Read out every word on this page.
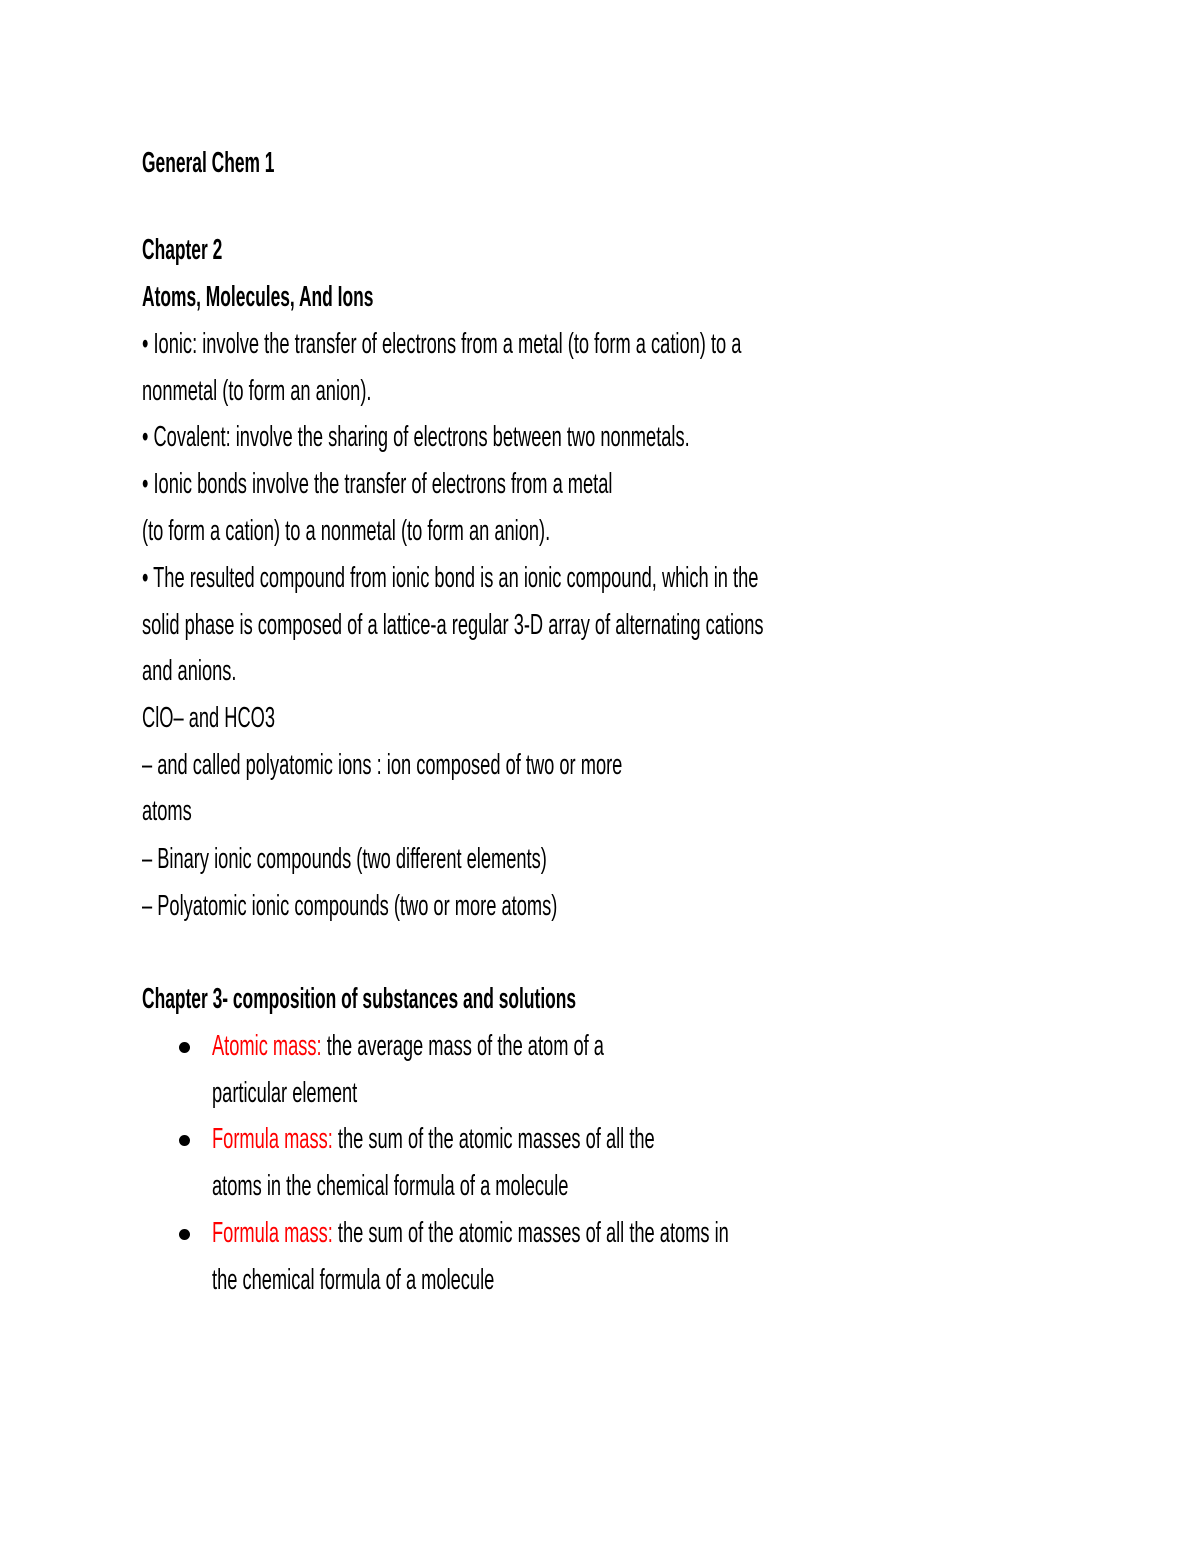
General Chem 1
Chapter 2
Atoms, Molecules, And Ions
• Ionic: involve the transfer of electrons from a metal (to form a cation) to a
nonmetal (to form an anion).
• Covalent: involve the sharing of electrons between two nonmetals.
• Ionic bonds involve the transfer of electrons from a metal
(to form a cation) to a nonmetal (to form an anion).
• The resulted compound from ionic bond is an ionic compound, which in the
solid phase is composed of a lattice-a regular 3-D array of alternating cations
and anions.
ClO– and HCO3
– and called polyatomic ions : ion composed of two or more
atoms
– Binary ionic compounds (two different elements)
– Polyatomic ionic compounds (two or more atoms)
Chapter 3- composition of substances and solutions
Atomic mass: the average mass of the atom of a
particular element
Formula mass: the sum of the atomic masses of all the
atoms in the chemical formula of a molecule
Formula mass: the sum of the atomic masses of all the atoms in
the chemical formula of a molecule
